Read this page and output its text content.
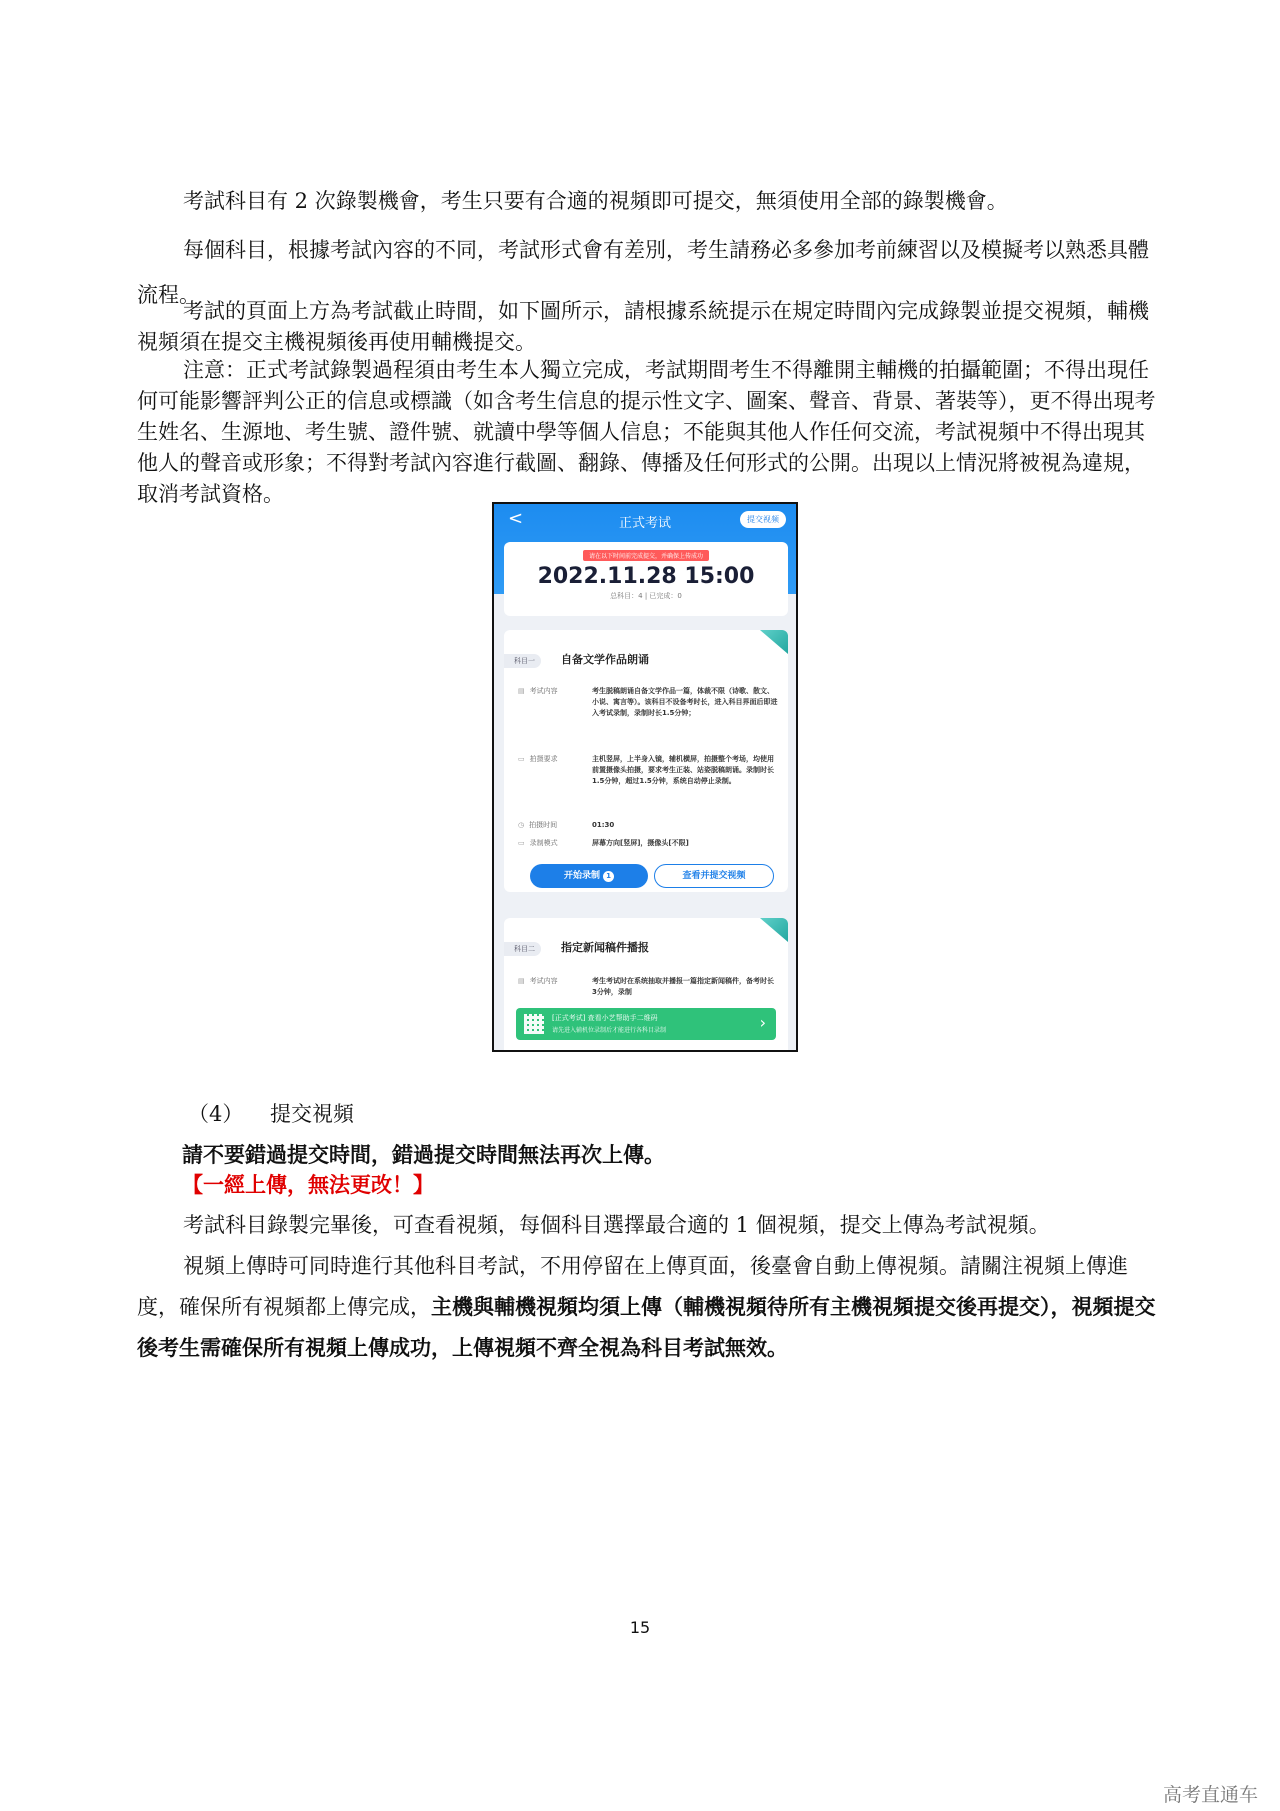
考試科目有 2 次錄製機會，考生只要有合適的視頻即可提交，無須使用全部的錄製機會。

每個科目，根據考試內容的不同，考試形式會有差別，考生請務必多參加考前練習以及模擬考以熟悉具體流程。

考試的頁面上方為考試截止時間，如下圖所示，請根據系統提示在規定時間內完成錄製並提交視頻，輔機視頻須在提交主機視頻後再使用輔機提交。

注意：正式考試錄製過程須由考生本人獨立完成，考試期間考生不得離開主輔機的拍攝範圍；不得出現任何可能影響評判公正的信息或標識（如含考生信息的提示性文字、圖案、聲音、背景、著裝等），更不得出現考生姓名、生源地、考生號、證件號、就讀中學等個人信息；不能與其他人作任何交流，考試視頻中不得出現其他人的聲音或形象；不得對考試內容進行截圖、翻錄、傳播及任何形式的公開。出現以上情況將被視為違規，取消考試資格。

<	正式考试	提交视频
请在以下时间前完成提交，并确保上传成功
2022.11.28 15:00
总科目：4 | 已完成：0
科目一	自备文学作品朗诵
▤ 考试内容	考生脱稿朗诵自备文学作品一篇，体裁不限（诗歌、散文、小说、寓言等）。该科目不设备考时长，进入科目界面后即进入考试录制，录制时长1.5分钟；
▭ 拍摄要求	主机竖屏，上半身入镜，辅机横屏，拍摄整个考场，均使用前置摄像头拍摄，要求考生正装、站姿脱稿朗诵。录制时长1.5分钟，超过1.5分钟，系统自动停止录制。
◷ 拍摄时间	01:30
▭ 录制模式	屏幕方向[竖屏]，摄像头[不限]
开始录制 1	查看并提交视频
科目二	指定新闻稿件播报
▤ 考试内容	考生考试时在系统抽取并播报一篇指定新闻稿件，备考时长3分钟，录制
[正式考试] 查看小艺帮助手二维码
请先进入辅机位录制后才能进行各科目录制	›
（4） 提交視頻

請不要錯過提交時間，錯過提交時間無法再次上傳。

【一經上傳，無法更改！】

考試科目錄製完畢後，可查看視頻，每個科目選擇最合適的 1 個視頻，提交上傳為考試視頻。

視頻上傳時可同時進行其他科目考試，不用停留在上傳頁面，後臺會自動上傳視頻。請關注視頻上傳進度，確保所有視頻都上傳完成，主機與輔機視頻均須上傳（輔機視頻待所有主機視頻提交後再提交），視頻提交後考生需確保所有視頻上傳成功，上傳視頻不齊全視為科目考試無效。

15
高考直通车
